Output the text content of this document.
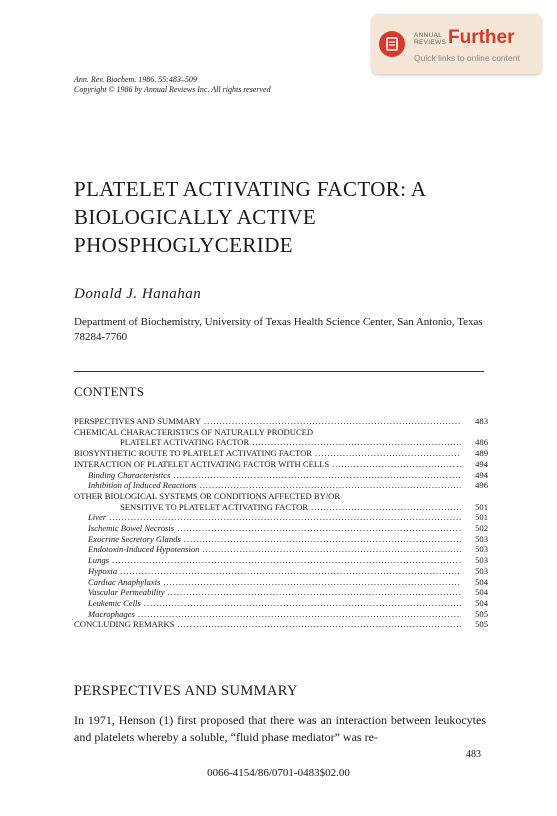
ANNUAL
REVIEWS Further
Quick links to online content
Ann. Rev. Biochem. 1986. 55:483–509
Copyright © 1986 by Annual Reviews Inc. All rights reserved
PLATELET ACTIVATING FACTOR: A
BIOLOGICALLY ACTIVE
PHOSPHOGLYCERIDE
Donald J. Hanahan
Department of Biochemistry, University of Texas Health Science Center, San Antonio, Texas 78284-7760
CONTENTS
PERSPECTIVES AND SUMMARY . . .	483
CHEMICAL CHARACTERISTICS OF NATURALLY PRODUCED
PLATELET ACTIVATING FACTOR . . .	486
BIOSYNTHETIC ROUTE TO PLATELET ACTIVATING FACTOR . . .	489
INTERACTION OF PLATELET ACTIVATING FACTOR WITH CELLS . . .	494
Binding Characteristics . . .	494
Inhibition of Induced Reactions . . .	496
OTHER BIOLOGICAL SYSTEMS OR CONDITIONS AFFECTED BY/OR
SENSITIVE TO PLATELET ACTIVATING FACTOR . . .	501
Liver . . .	501
Ischemic Bowel Necrosis . . .	502
Exocrine Secretory Glands . . .	503
Endotoxin-Induced Hypotension . . .	503
Lungs . . .	503
Hypoxia . . .	503
Cardiac Anaphylaxis . . .	504
Vascular Permeability . . .	504
Leukemic Cells . . .	504
Macrophages . . .	505
CONCLUDING REMARKS . . .	505
PERSPECTIVES AND SUMMARY
In 1971, Henson (1) first proposed that there was an interaction between leukocytes and platelets whereby a soluble, “fluid phase mediator” was re-
483
0066-4154/86/0701-0483$02.00
